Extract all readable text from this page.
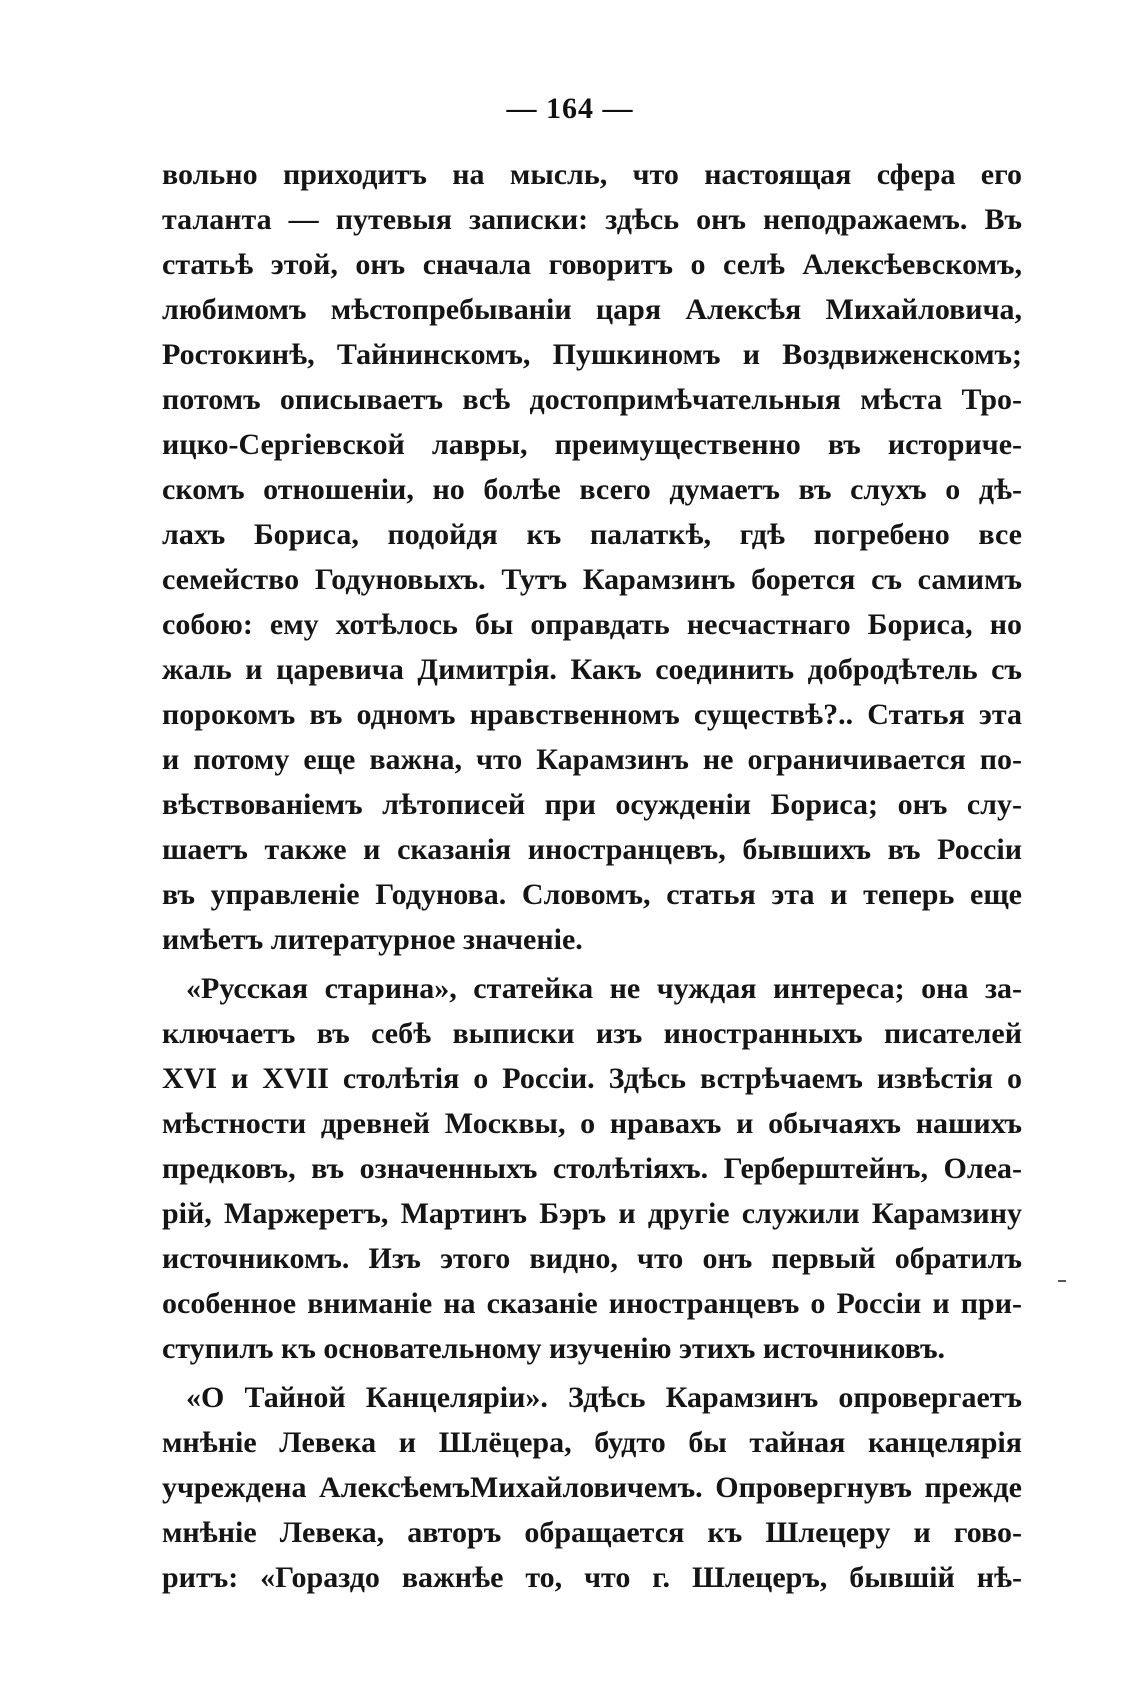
— 164 —
вольно приходитъ на мысль, что настоящая сфера его
таланта — путевыя записки: здѣсь онъ неподражаемъ. Въ
статьѣ этой, онъ сначала говоритъ о селѣ Алексѣевскомъ,
любимомъ мѣстопребываніи царя Алексѣя Михайловича,
Ростокинѣ, Тайнинскомъ, Пушкиномъ и Воздвиженскомъ;
потомъ описываетъ всѣ достопримѣчательныя мѣста Тро-
ицко-Сергіевской лавры, преимущественно въ историче-
скомъ отношеніи, но болѣе всего думаетъ въ слухъ о дѣ-
лахъ Бориса, подойдя къ палаткѣ, гдѣ погребено все
семейство Годуновыхъ. Тутъ Карамзинъ борется съ самимъ
собою: ему хотѣлось бы оправдать несчастнаго Бориса, но
жаль и царевича Димитрія. Какъ соединить добродѣтель съ
порокомъ въ одномъ нравственномъ существѣ?.. Статья эта
и потому еще важна, что Карамзинъ не ограничивается по-
вѣствованіемъ лѣтописей при осужденіи Бориса; онъ слу-
шаетъ также и сказанія иностранцевъ, бывшихъ въ Россіи
въ управленіе Годунова. Словомъ, статья эта и теперь еще
имѣетъ литературное значеніе.
«Русская старина», статейка не чуждая интереса; она за-
ключаетъ въ себѣ выписки изъ иностранныхъ писателей
XVI и XVII столѣтія о Россіи. Здѣсь встрѣчаемъ извѣстія о
мѣстности древней Москвы, о нравахъ и обычаяхъ нашихъ
предковъ, въ означенныхъ столѣтіяхъ. Герберштейнъ, Олеа-
рій, Маржеретъ, Мартинъ Бэръ и другіе служили Карамзину
источникомъ. Изъ этого видно, что онъ первый обратилъ
особенное вниманіе на сказаніе иностранцевъ о Россіи и при-
ступилъ къ основательному изученію этихъ источниковъ.
«О Тайной Канцеляріи». Здѣсь Карамзинъ опровергаетъ
мнѣніе Левека и Шлёцера, будто бы тайная канцелярія
учреждена АлексѣемъМихайловичемъ. Опровергнувъ прежде
мнѣніе Левека, авторъ обращается къ Шлецеру и гово-
ритъ: «Гораздо важнѣе то, что г. Шлецеръ, бывшій нѣ-
